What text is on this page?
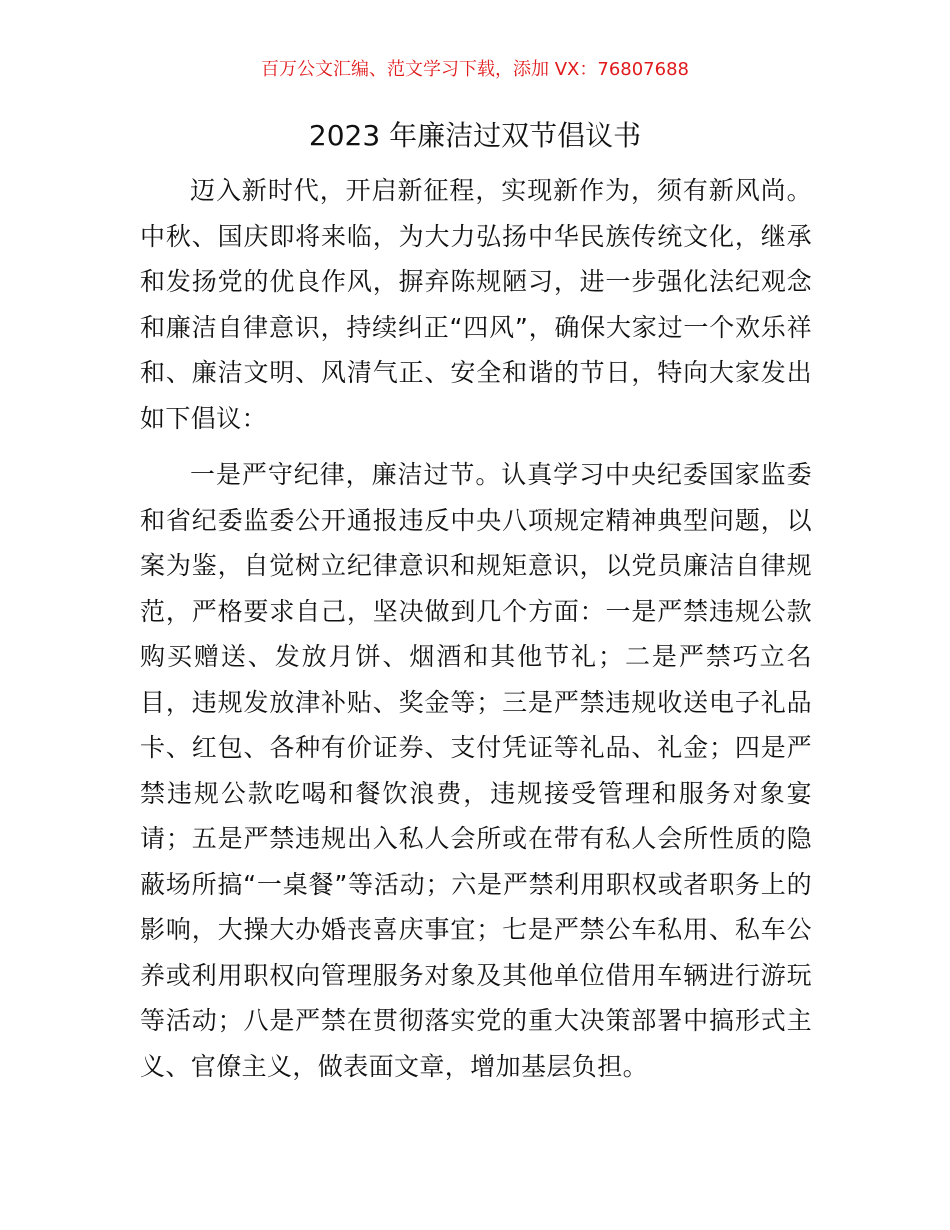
百万公文汇编、范文学习下载，添加 VX：76807688
2023 年廉洁过双节倡议书

迈入新时代，开启新征程，实现新作为，须有新风尚。中秋、国庆即将来临，为大力弘扬中华民族传统文化，继承和发扬党的优良作风，摒弃陈规陋习，进一步强化法纪观念和廉洁自律意识，持续纠正“四风”，确保大家过一个欢乐祥和、廉洁文明、风清气正、安全和谐的节日，特向大家发出如下倡议：

一是严守纪律，廉洁过节。认真学习中央纪委国家监委和省纪委监委公开通报违反中央八项规定精神典型问题，以案为鉴，自觉树立纪律意识和规矩意识，以党员廉洁自律规范，严格要求自己，坚决做到几个方面：一是严禁违规公款购买赠送、发放月饼、烟酒和其他节礼；二是严禁巧立名目，违规发放津补贴、奖金等；三是严禁违规收送电子礼品卡、红包、各种有价证券、支付凭证等礼品、礼金；四是严禁违规公款吃喝和餐饮浪费，违规接受管理和服务对象宴请；五是严禁违规出入私人会所或在带有私人会所性质的隐蔽场所搞“一桌餐”等活动；六是严禁利用职权或者职务上的影响，大操大办婚丧喜庆事宜；七是严禁公车私用、私车公养或利用职权向管理服务对象及其他单位借用车辆进行游玩等活动；八是严禁在贯彻落实党的重大决策部署中搞形式主义、官僚主义，做表面文章，增加基层负担。
